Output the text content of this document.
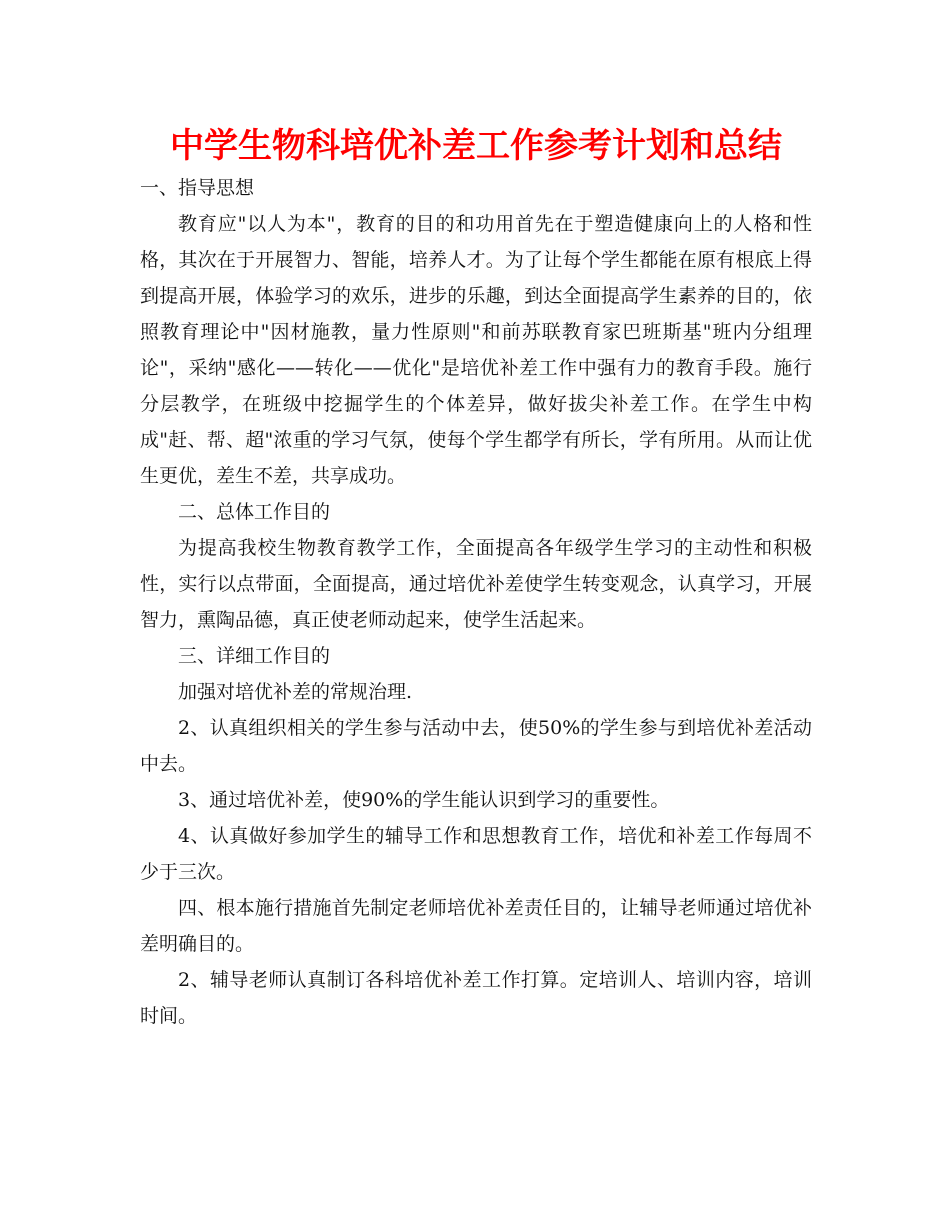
中学生物科培优补差工作参考计划和总结

一、指导思想

教育应"以人为本"，教育的目的和功用首先在于塑造健康向上的人格和性格，其次在于开展智力、智能，培养人才。为了让每个学生都能在原有根底上得到提高开展，体验学习的欢乐，进步的乐趣，到达全面提高学生素养的目的，依照教育理论中"因材施教，量力性原则"和前苏联教育家巴班斯基"班内分组理论"，采纳"感化——转化——优化"是培优补差工作中强有力的教育手段。施行分层教学，在班级中挖掘学生的个体差异，做好拔尖补差工作。在学生中构成"赶、帮、超"浓重的学习气氛，使每个学生都学有所长，学有所用。从而让优生更优，差生不差，共享成功。

二、总体工作目的

为提高我校生物教育教学工作，全面提高各年级学生学习的主动性和积极性，实行以点带面，全面提高，通过培优补差使学生转变观念，认真学习，开展智力，熏陶品德，真正使老师动起来，使学生活起来。

三、详细工作目的

加强对培优补差的常规治理.

2、认真组织相关的学生参与活动中去，使50%的学生参与到培优补差活动中去。

3、通过培优补差，使90%的学生能认识到学习的重要性。

4、认真做好参加学生的辅导工作和思想教育工作，培优和补差工作每周不少于三次。

四、根本施行措施首先制定老师培优补差责任目的，让辅导老师通过培优补差明确目的。

2、辅导老师认真制订各科培优补差工作打算。定培训人、培训内容，培训时间。
